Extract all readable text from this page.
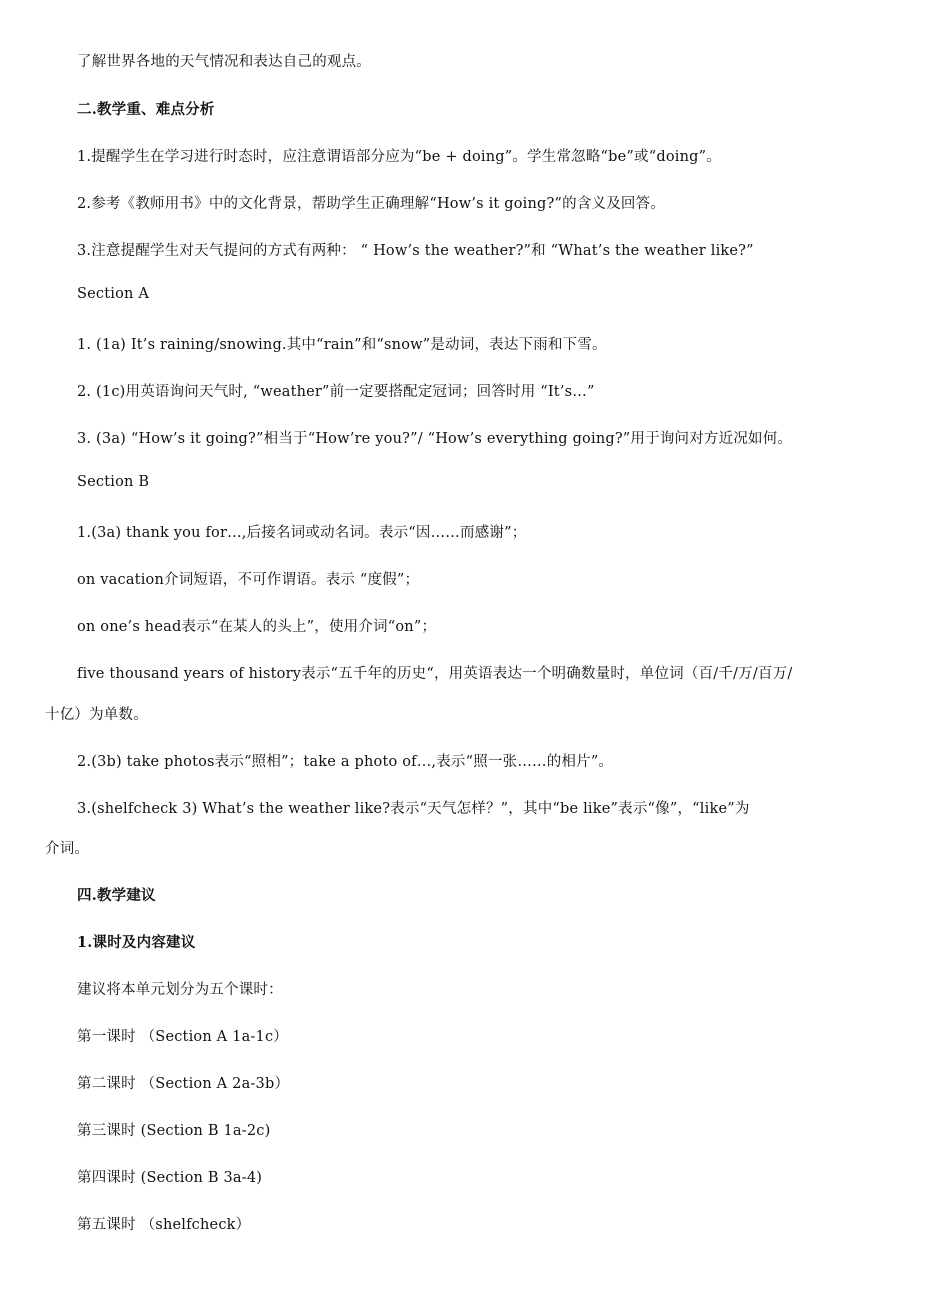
了解世界各地的天气情况和表达自己的观点。
二.教学重、难点分析
1.提醒学生在学习进行时态时，应注意谓语部分应为“be + doing”。学生常忽略“be”或“doing”。
2.参考《教师用书》中的文化背景，帮助学生正确理解“How’s it going?”的含义及回答。
3.注意提醒学生对天气提问的方式有两种： “ How’s the weather?”和 “What’s the weather like?”
Section A
1. (1a) It’s raining/snowing.其中“rain”和“snow”是动词，表达下雨和下雪。
2. (1c)用英语询问天气时, “weather”前一定要搭配定冠词；回答时用 “It’s…”
3. (3a) “How’s it going?”相当于“How’re you?”/ “How’s everything going?”用于询问对方近况如何。
Section B
1.(3a) thank you for…,后接名词或动名词。表示“因……而感谢”；
on vacation介词短语，不可作谓语。表示 “度假”；
on one’s head表示“在某人的头上”，使用介词“on”；
five thousand years of history表示“五千年的历史“，用英语表达一个明确数量时，单位词（百/千/万/百万/
十亿）为单数。
2.(3b) take photos表示“照相”；take a photo of…,表示“照一张……的相片”。
3.(shelfcheck 3) What’s the weather like?表示“天气怎样？”，其中“be like”表示“像”，“like”为
介词。
四.教学建议
1.课时及内容建议
建议将本单元划分为五个课时：
第一课时 （Section A 1a-1c）
第二课时 （Section A 2a-3b）
第三课时 (Section B 1a-2c)
第四课时 (Section B 3a-4)
第五课时 （shelfcheck）
